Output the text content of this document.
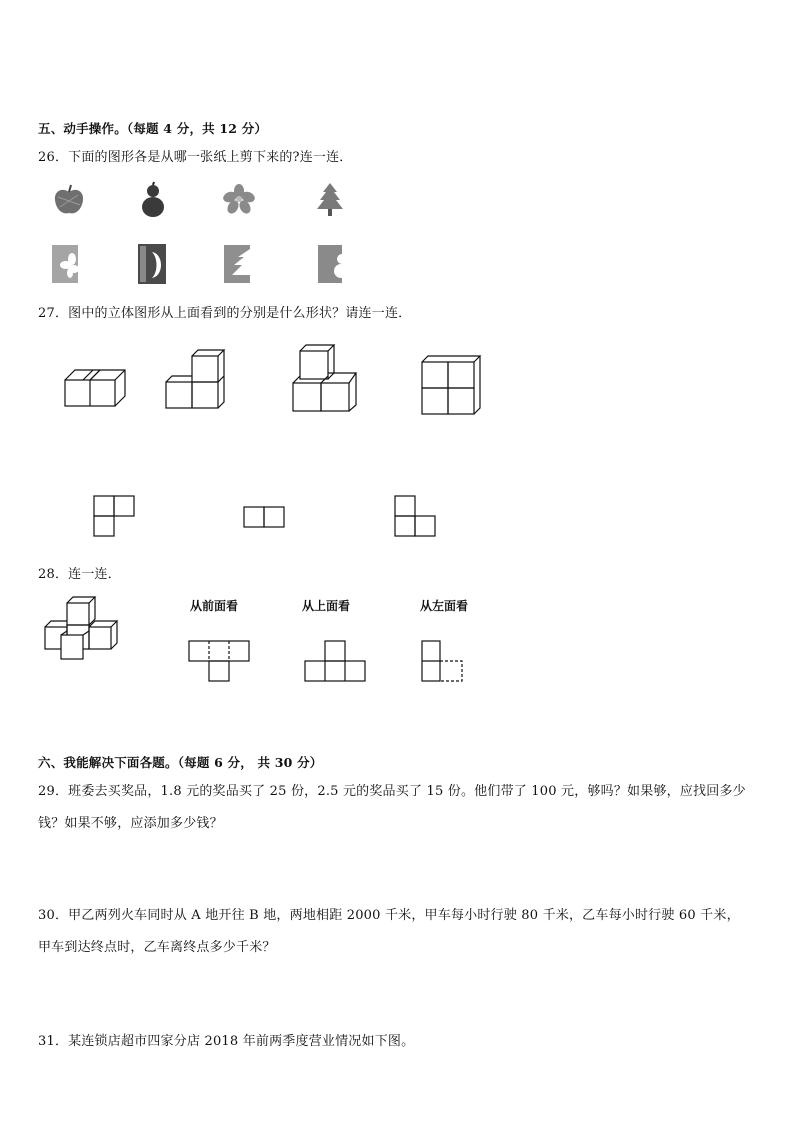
五、动手操作。（每题 4 分，共 12 分）
26．下面的图形各是从哪一张纸上剪下来的?连一连．
27．图中的立体图形从上面看到的分别是什么形状？请连一连．
28．连一连．
从前面看	从上面看	从左面看
六、我能解决下面各题。（每题 6 分， 共 30 分）
29．班委去买奖品，1.8 元的奖品买了 25 份，2.5 元的奖品买了 15 份。他们带了 100 元，够吗？如果够，应找回多少
钱？如果不够，应添加多少钱？
30．甲乙两列火车同时从 A 地开往 B 地，两地相距 2000 千米，甲车每小时行驶 80 千米，乙车每小时行驶 60 千米，
甲车到达终点时，乙车离终点多少千米？
31．某连锁店超市四家分店 2018 年前两季度营业情况如下图。
